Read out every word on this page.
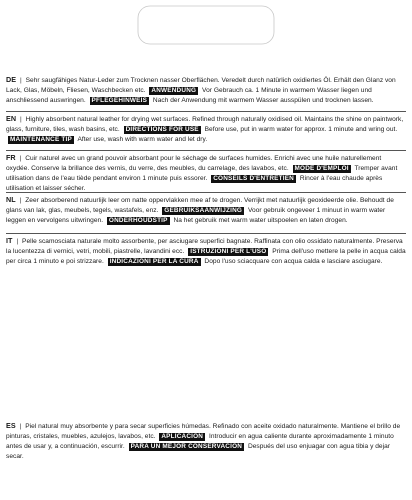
DE | Sehr saugfähiges Natur-Leder zum Trocknen nasser Oberflächen. Veredelt durch natürlich oxidiertes Öl. Erhält den Glanz von Lack, Glas, Möbeln, Fliesen, Waschbecken etc. ANWENDUNG Vor Gebrauch ca. 1 Minute in warmem Wasser liegen und anschliessend auswringen. PFLEGEHINWEIS Nach der Anwendung mit warmem Wasser ausspülen und trocknen lassen.
EN | Highly absorbent natural leather for drying wet surfaces. Refined through naturally oxidised oil. Maintains the shine on paintwork, glass, furniture, tiles, wash basins, etc. DIRECTIONS FOR USE Before use, put in warm water for approx. 1 minute and wring out. MAINTENANCE TIP After use, wash with warm water and let dry.
FR | Cuir naturel avec un grand pouvoir absorbant pour le séchage de surfaces humides. Enrichi avec une huile naturellement oxydée. Conserve la brillance des vernis, du verre, des meubles, du carrelage, des lavabos, etc. MODE D'EMPLOI Tremper avant utilisation dans de l'eau tiède pendant environ 1 minute puis essorer. CONSEILS D'ENTRETIEN Rincer à l'eau chaude après utilisation et laisser sécher.
NL | Zeer absorberend natuurlijk leer om natte oppervlakken mee af te drogen. Verrijkt met natuurlijk geoxideerde olie. Behoudt de glans van lak, glas, meubels, tegels, wastafels, enz. GEBRUIKSAANWIJZING Voor gebruik ongeveer 1 minuut in warm water leggen en vervolgens uitwringen. ONDERHOUDSTIP Na het gebruik met warm water uitspoelen en laten drogen.
IT | Pelle scamosciata naturale molto assorbente, per asciugare superfici bagnate. Raffinata con olio ossidato naturalmente. Preserva la lucentezza di vernici, vetri, mobili, piastrelle, lavandini ecc. ISTRUZIONI PER L'USO Prima dell'uso mettere la pelle in acqua calda per circa 1 minuto e poi strizzare. INDICAZIONI PER LA CURA Dopo l'uso sciacquare con acqua calda e lasciare asciugare.
ES | Piel natural muy absorbente y para secar superficies húmedas. Refinado con aceite oxidado naturalmente. Mantiene el brillo de pinturas, cristales, muebles, azulejos, lavabos, etc. APLICACIÓN Introducir en agua caliente durante aproximadamente 1 minuto antes de usar y, a continuación, escurrir. PARA UN MEJOR CONSERVACIÓN Después del uso enjuagar con agua tibia y dejar secar.
